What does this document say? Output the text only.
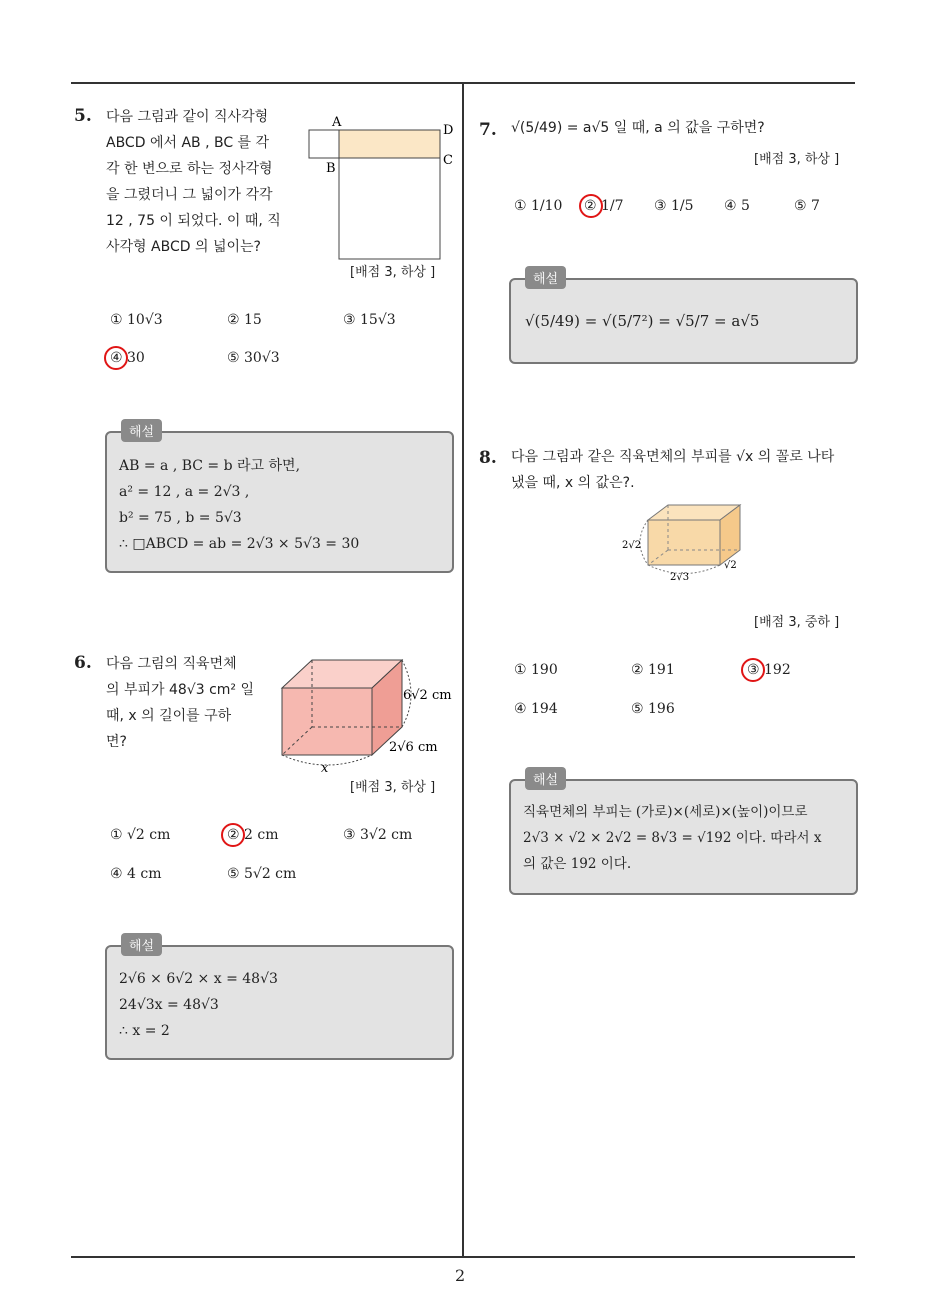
2
5. 다음 그림과 같이 직사각형
ABCD 에서 AB , BC 를 각
각 한 변으로 하는 정사각형
을 그렸더니 그 넓이가 각각
12 , 75 이 되었다. 이 때, 직
사각형 ABCD 의 넓이는?
A
B
C
D
[배점 3, 하상 ]
① 10√3	② 15	③ 15√3
④ 30	⑤ 30√3
해설
AB = a , BC = b 라고 하면,
a² = 12 , a = 2√3 ,
b² = 75 , b = 5√3
∴ □ABCD = ab = 2√3 × 5√3 = 30
6. 다음 그림의 직육면체
의 부피가 48√3 cm² 일
때, x 의 길이를 구하
면?
6√2 cm
2√6 cm
x
[배점 3, 하상 ]
① √2 cm	② 2 cm	③ 3√2 cm
④ 4 cm	⑤ 5√2 cm
해설
2√6 × 6√2 × x = 48√3
24√3x = 48√3
∴ x = 2
7. √(5/49) = a√5 일 때, a 의 값을 구하면?
[배점 3, 하상 ]
① 1/10 ② 1/7 ③ 1/5 ④ 5	⑤ 7
해설
√(5/49) = √(5/7²) = √5/7 = a√5
8. 다음 그림과 같은 직육면체의 부피를 √x 의 꼴로 나타
냈을 때, x 의 값은?.
2√2
2√3
√2
[배점 3, 중하 ]
① 190	② 191	③ 192
④ 194	⑤ 196
해설
직육면체의 부피는 (가로)×(세로)×(높이)이므로
2√3 × √2 × 2√2 = 8√3 = √192 이다. 따라서 x
의 값은 192 이다.
